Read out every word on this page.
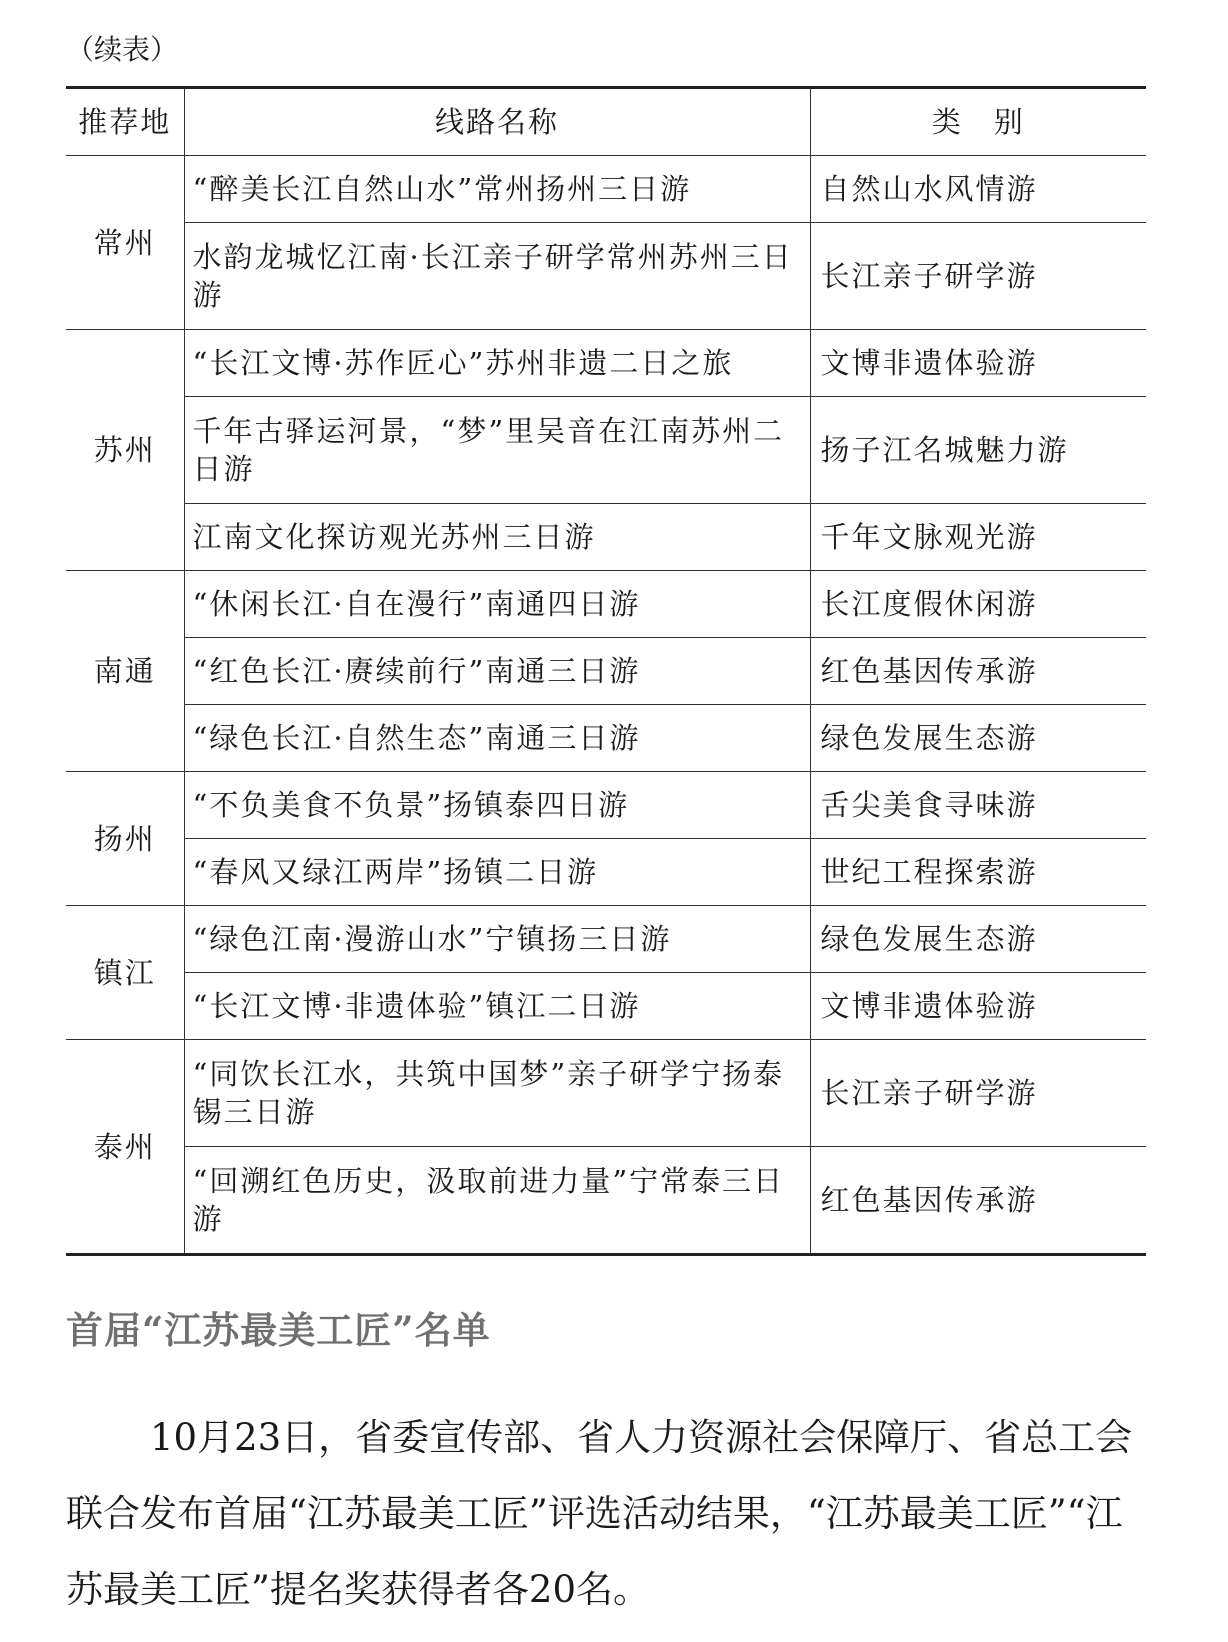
（续表）
推荐地	线路名称	类　别
常州	“醉美长江自然山水”常州扬州三日游	自然山水风情游
	水韵龙城忆江南·长江亲子研学常州苏州三日游	长江亲子研学游
苏州	“长江文博·苏作匠心”苏州非遗二日之旅	文博非遗体验游
	千年古驿运河景，“梦”里吴音在江南苏州二日游	扬子江名城魅力游
	江南文化探访观光苏州三日游	千年文脉观光游
南通	“休闲长江·自在漫行”南通四日游	长江度假休闲游
	“红色长江·赓续前行”南通三日游	红色基因传承游
	“绿色长江·自然生态”南通三日游	绿色发展生态游
扬州	“不负美食不负景”扬镇泰四日游	舌尖美食寻味游
	“春风又绿江两岸”扬镇二日游	世纪工程探索游
镇江	“绿色江南·漫游山水”宁镇扬三日游	绿色发展生态游
	“长江文博·非遗体验”镇江二日游	文博非遗体验游
泰州	“同饮长江水，共筑中国梦”亲子研学宁扬泰锡三日游	长江亲子研学游
	“回溯红色历史，汲取前进力量”宁常泰三日游	红色基因传承游
首届“江苏最美工匠”名单

10月23日，省委宣传部、省人力资源社会保障厅、省总工会联合发布首届“江苏最美工匠”评选活动结果，“江苏最美工匠”“江苏最美工匠”提名奖获得者各20名。
